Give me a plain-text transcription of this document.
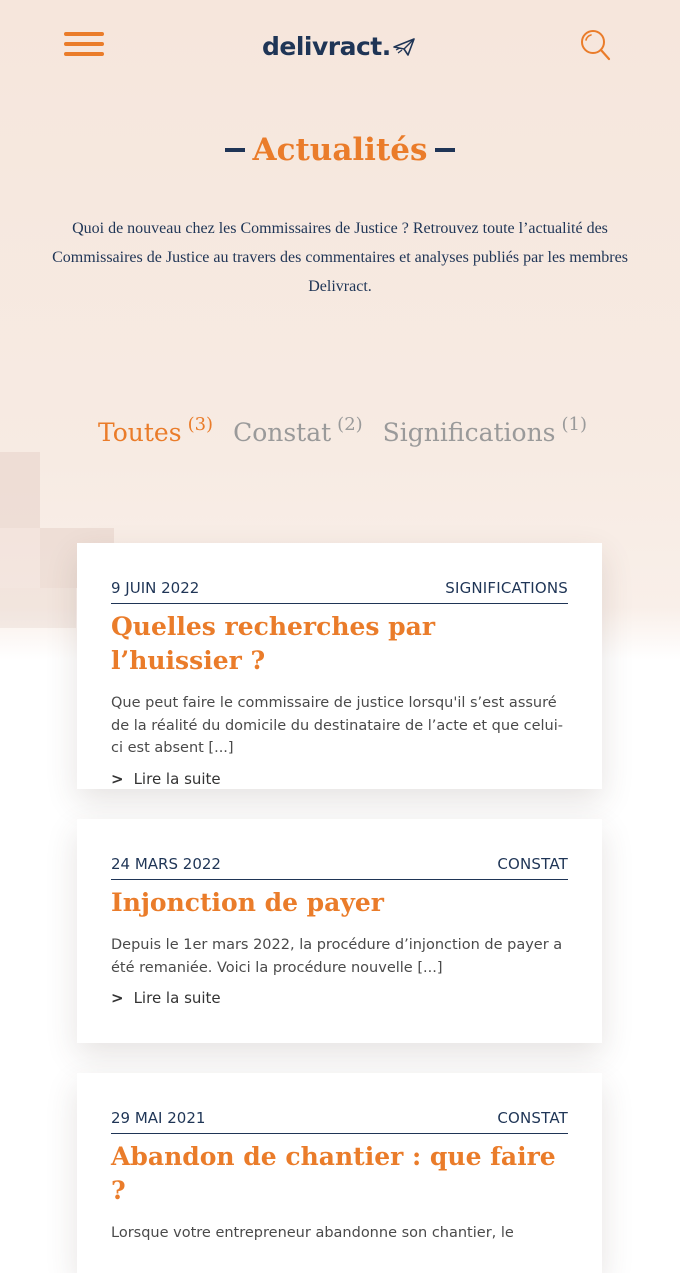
delivract.
Actualités

Quoi de nouveau chez les Commissaires de Justice ? Retrouvez toute l’actualité des Commissaires de Justice au travers des commentaires et analyses publiés par les membres Delivract.

Toutes (3) Constat (2) Significations (1)
9 JUIN 2022	SIGNIFICATIONS
Quelles recherches par l’huissier ?

Que peut faire le commissaire de justice lorsqu'il s’est assuré de la réalité du domicile du destinataire de l’acte et que celui-ci est absent [...]

> Lire la suite
24 MARS 2022	CONSTAT
Injonction de payer

Depuis le 1er mars 2022, la procédure d’injonction de payer a été remaniée. Voici la procédure nouvelle [...]

> Lire la suite
29 MAI 2021	CONSTAT
Abandon de chantier : que faire ?

Lorsque votre entrepreneur abandonne son chantier, le
